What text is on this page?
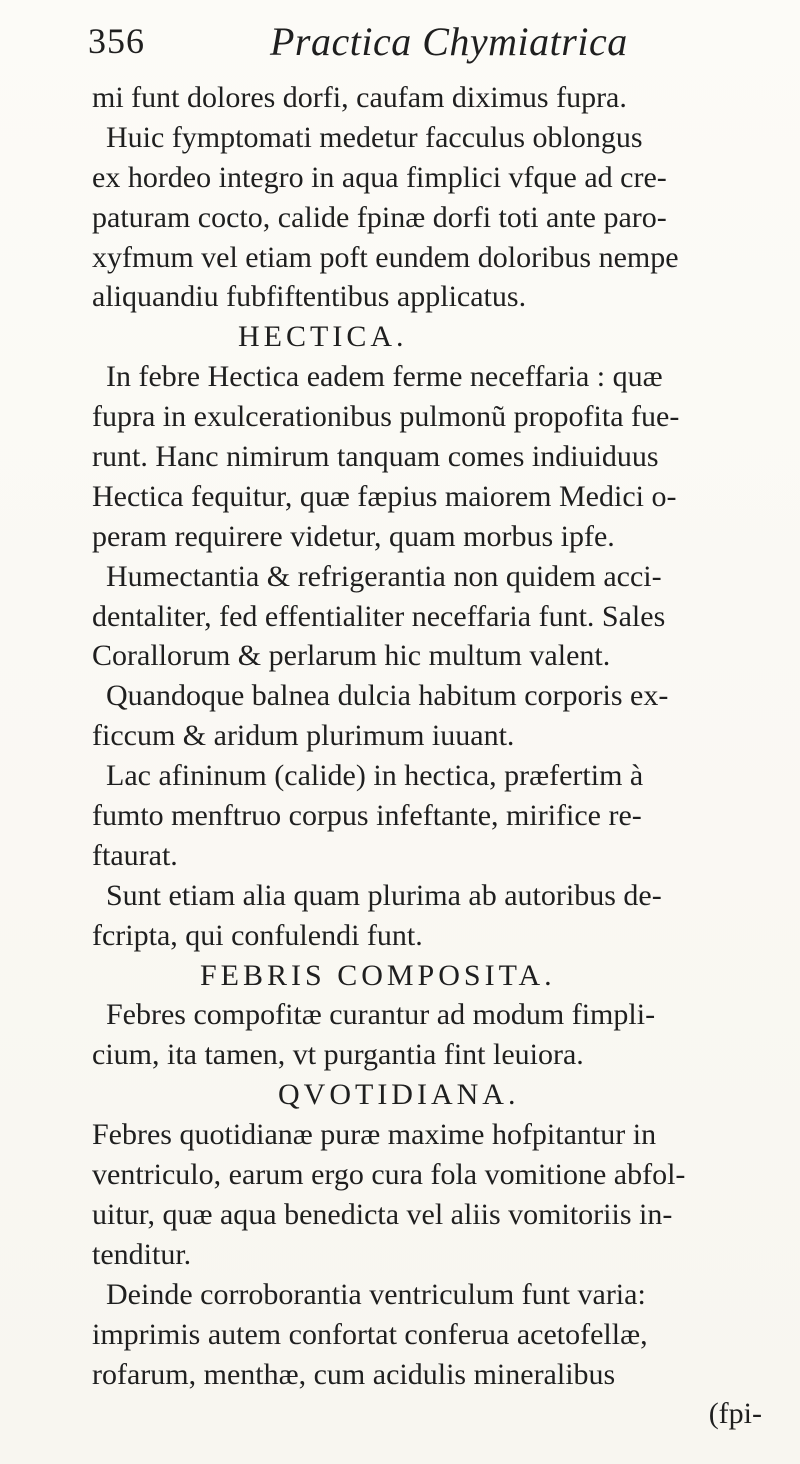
356	Practica Chymiatrica
mi funt dolores dorfi, caufam diximus fupra.
Huic fymptomati medetur facculus oblongus
ex hordeo integro in aqua fimplici vfque ad cre-
paturam cocto, calide fpinæ dorfi toti ante paro-
xyfmum vel etiam poft eundem doloribus nempe
aliquandiu fubfiftentibus applicatus.
HECTICA.
In febre Hectica eadem ferme neceffaria : quæ
fupra in exulcerationibus pulmonũ propofita fue-
runt. Hanc nimirum tanquam comes indiuiduus
Hectica fequitur, quæ fæpius maiorem Medici o-
peram requirere videtur, quam morbus ipfe.
Humectantia & refrigerantia non quidem acci-
dentaliter, fed effentialiter neceffaria funt. Sales
Corallorum & perlarum hic multum valent.
Quandoque balnea dulcia habitum corporis ex-
ficcum & aridum plurimum iuuant.
Lac afininum (calide) in hectica, præfertim à
fumto menftruo corpus infeftante, mirifice re-
ftaurat.
Sunt etiam alia quam plurima ab autoribus de-
fcripta, qui confulendi funt.
FEBRIS COMPOSITA.
Febres compofitæ curantur ad modum fimpli-
cium, ita tamen, vt purgantia fint leuiora.
QVOTIDIANA.
Febres quotidianæ puræ maxime hofpitantur in
ventriculo, earum ergo cura fola vomitione abfol-
uitur, quæ aqua benedicta vel aliis vomitoriis in-
tenditur.
Deinde corroborantia ventriculum funt varia:
imprimis autem confortat conferua acetofellæ,
rofarum, menthæ, cum acidulis mineralibus
(fpi-
